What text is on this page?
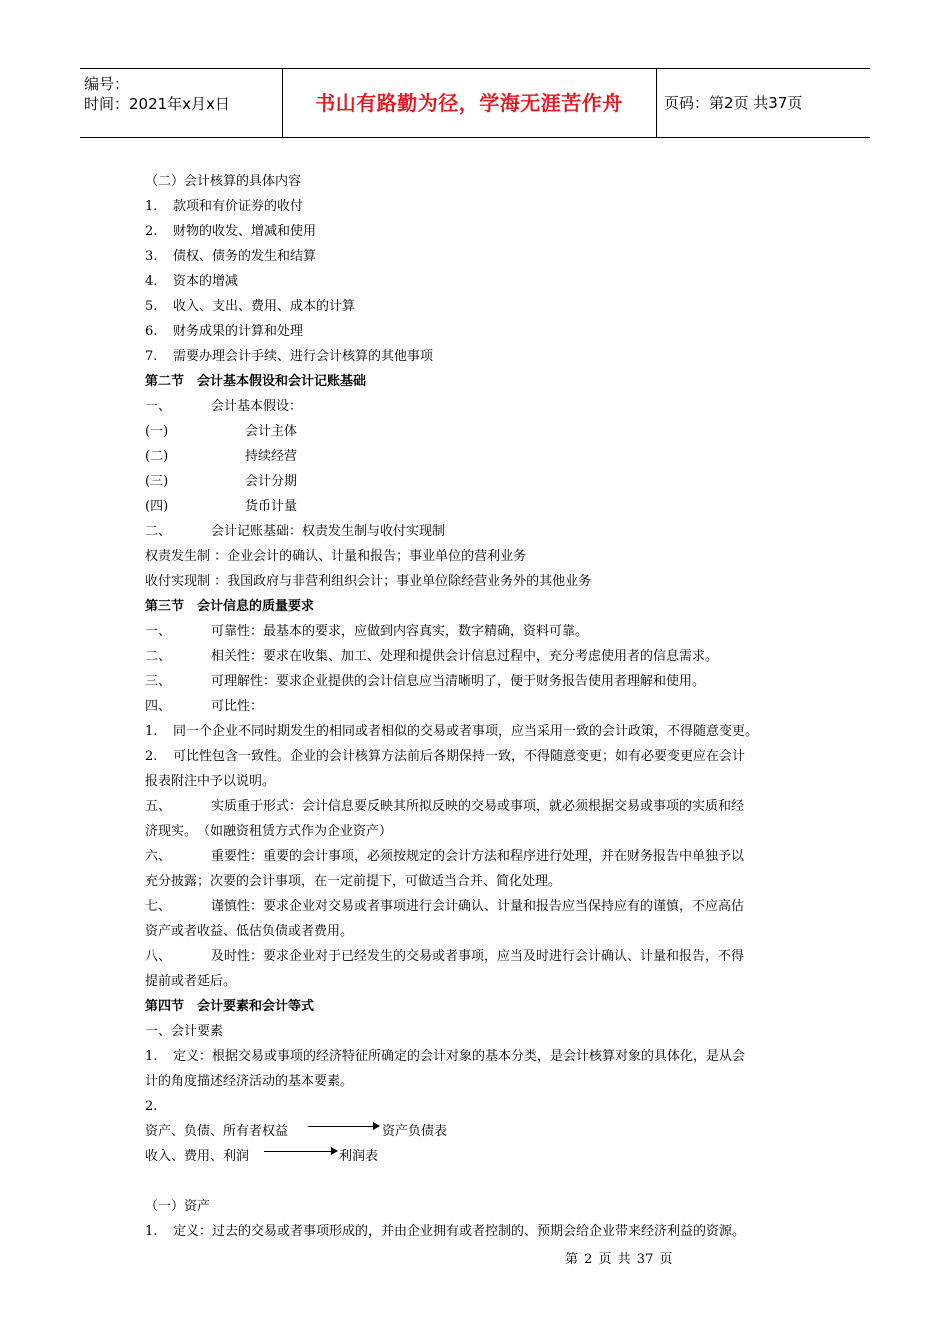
编号：
时间：2021年x月x日	书山有路勤为径，学海无涯苦作舟	页码：第2页 共37页
（二）会计核算的具体内容
1. 款项和有价证券的收付
2. 财物的收发、增减和使用
3. 债权、债务的发生和结算
4. 资本的增减
5. 收入、支出、费用、成本的计算
6. 财务成果的计算和处理
7. 需要办理会计手续、进行会计核算的其他事项
第二节　会计基本假设和会计记账基础
一、	会计基本假设：
(一)	会计主体
(二)	持续经营
(三)	会计分期
(四)	货币计量
二、	会计记账基础：权责发生制与收付实现制
权责发生制 ：企业会计的确认、计量和报告；事业单位的营利业务
收付实现制 ：我国政府与非营利组织会计；事业单位除经营业务外的其他业务
第三节　会计信息的质量要求
一、	可靠性：最基本的要求，应做到内容真实，数字精确，资料可靠。
二、	相关性：要求在收集、加工、处理和提供会计信息过程中，充分考虑使用者的信息需求。
三、	可理解性：要求企业提供的会计信息应当清晰明了，便于财务报告使用者理解和使用。
四、	可比性：
1. 同一个企业不同时期发生的相同或者相似的交易或者事项，应当采用一致的会计政策，不得随意变更。
2. 可比性包含一致性。企业的会计核算方法前后各期保持一致，不得随意变更；如有必要变更应在会计
报表附注中予以说明。
五、	实质重于形式：会计信息要反映其所拟反映的交易或事项，就必须根据交易或事项的实质和经
济现实。　（如融资租赁方式作为企业资产）
六、	重要性：重要的会计事项，必须按规定的会计方法和程序进行处理，并在财务报告中单独予以
充分披露；次要的会计事项，在一定前提下，可做适当合并、简化处理。
七、	谨慎性：要求企业对交易或者事项进行会计确认、计量和报告应当保持应有的谨慎，不应高估
资产或者收益、低估负债或者费用。
八、	及时性：要求企业对于已经发生的交易或者事项，应当及时进行会计确认、计量和报告，不得
提前或者延后。
第四节　会计要素和会计等式
一、会计要素
1. 定义：根据交易或事项的经济特征所确定的会计对象的基本分类，是会计核算对象的具体化，是从会
计的角度描述经济活动的基本要素。
2.
资产、负债、所有者权益	资产负债表
收入、费用、利润	利润表
（一）资产
1. 定义：过去的交易或者事项形成的，并由企业拥有或者控制的、预期会给企业带来经济利益的资源。
第 2 页 共 37 页
